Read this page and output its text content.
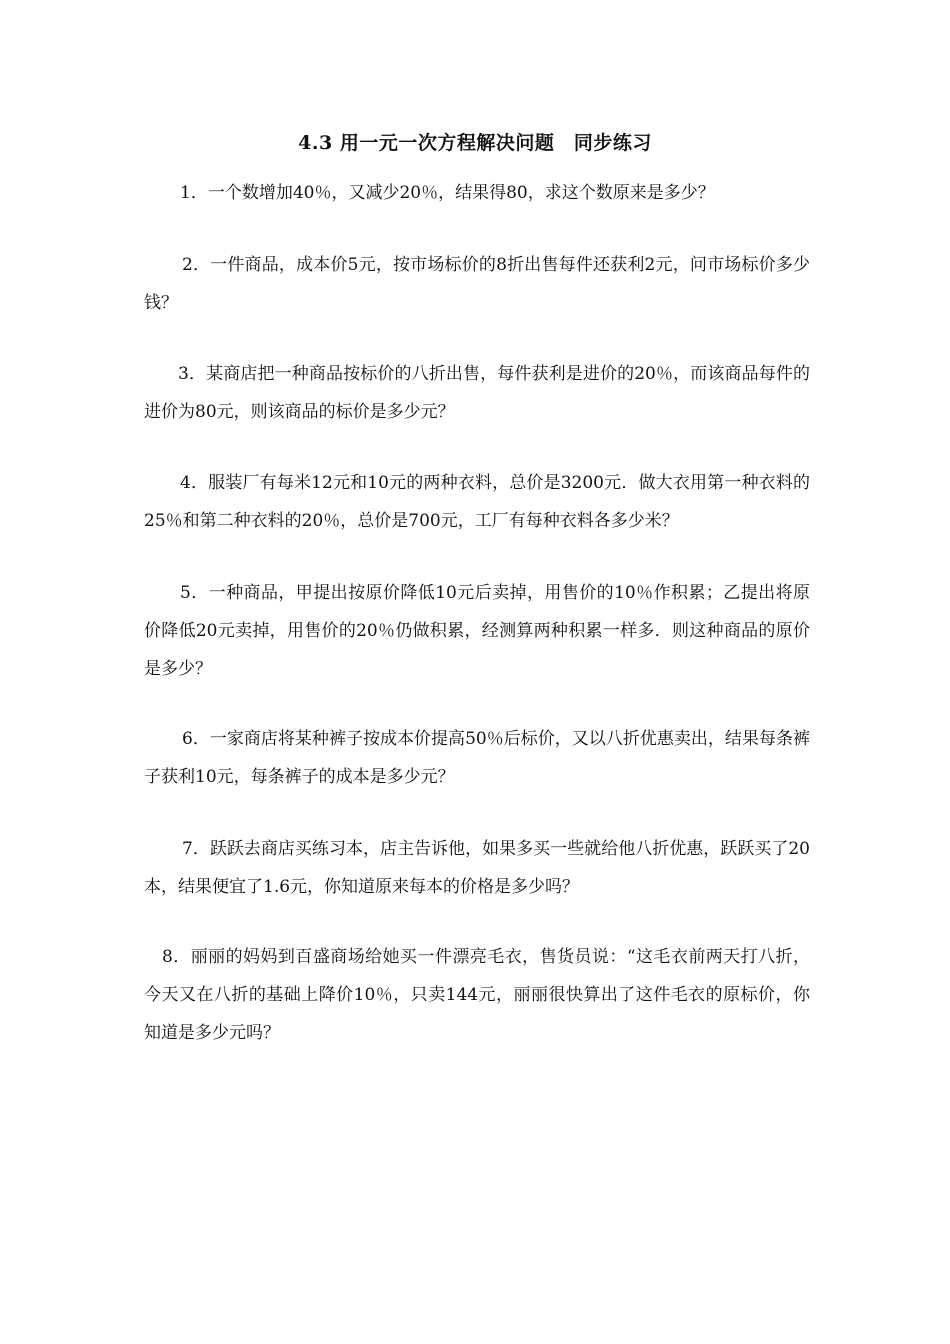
4.3 用一元一次方程解决问题　同步练习

1．一个数增加40％，又减少20％，结果得80，求这个数原来是多少？

2．一件商品，成本价5元，按市场标价的8折出售每件还获利2元，问市场标价多少钱？

3．某商店把一种商品按标价的八折出售，每件获利是进价的20％，而该商品每件的进价为80元，则该商品的标价是多少元？

4．服装厂有每米12元和10元的两种衣料，总价是3200元．做大衣用第一种衣料的25％和第二种衣料的20％，总价是700元，工厂有每种衣料各多少米？

5．一种商品，甲提出按原价降低10元后卖掉，用售价的10％作积累；乙提出将原价降低20元卖掉，用售价的20％仍做积累，经测算两种积累一样多．则这种商品的原价是多少？

6．一家商店将某种裤子按成本价提高50％后标价，又以八折优惠卖出，结果每条裤子获利10元，每条裤子的成本是多少元？

7．跃跃去商店买练习本，店主告诉他，如果多买一些就给他八折优惠，跃跃买了20本，结果便宜了1.6元，你知道原来每本的价格是多少吗？

8．丽丽的妈妈到百盛商场给她买一件漂亮毛衣，售货员说：“这毛衣前两天打八折，今天又在八折的基础上降价10％，只卖144元，丽丽很快算出了这件毛衣的原标价，你知道是多少元吗？
